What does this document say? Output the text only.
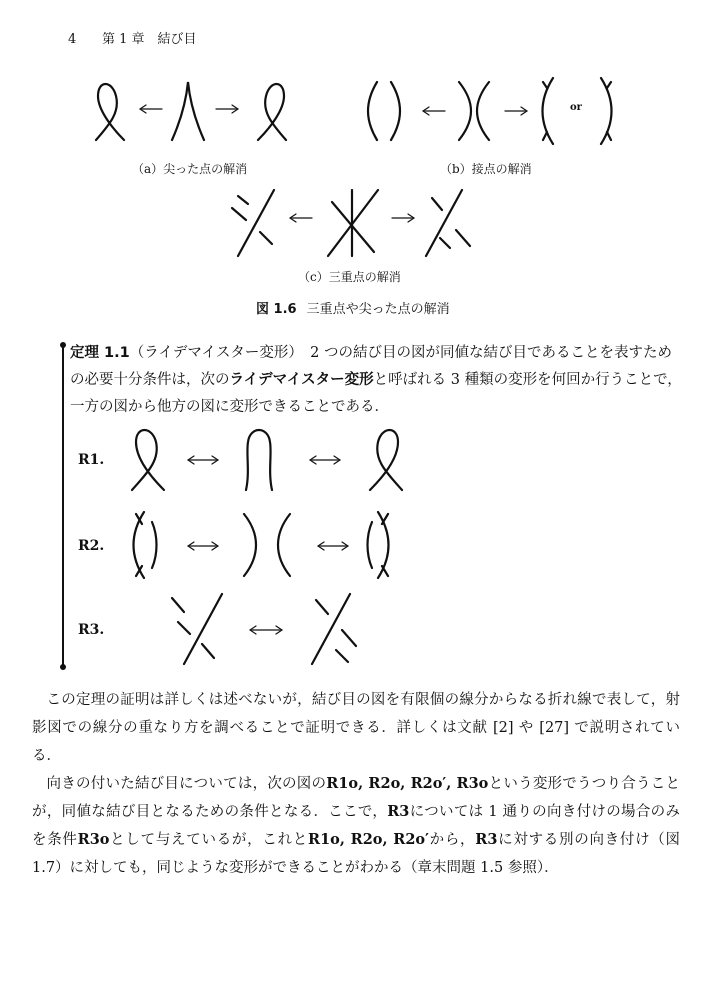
4 第 1 章　結び目
（a）尖った点の解消
or
（b）接点の解消
（c）三重点の解消
図 1.6 三重点や尖った点の解消
定理 1.1（ライデマイスター変形）　 2 つの結び目の図が同値な結び目であることを表すための必要十分条件は，次のライデマイスター変形と呼ばれる 3 種類の変形を何回か行うことで，一方の図から他方の図に変形できることである．
R1.
R2.
R3.
この定理の証明は詳しくは述べないが，結び目の図を有限個の線分からなる折れ線で表して，射影図での線分の重なり方を調べることで証明できる．詳しくは文献 [2] や [27] で説明されている．
向きの付いた結び目については，次の図のR1o, R2o, R2o′, R3oという変形でうつり合うことが，同値な結び目となるための条件となる．ここで，R3については 1 通りの向き付けの場合のみを条件R3oとして与えているが，これとR1o, R2o, R2o′から，R3に対する別の向き付け（図 1.7）に対しても，同じような変形ができることがわかる（章末問題 1.5 参照）．
